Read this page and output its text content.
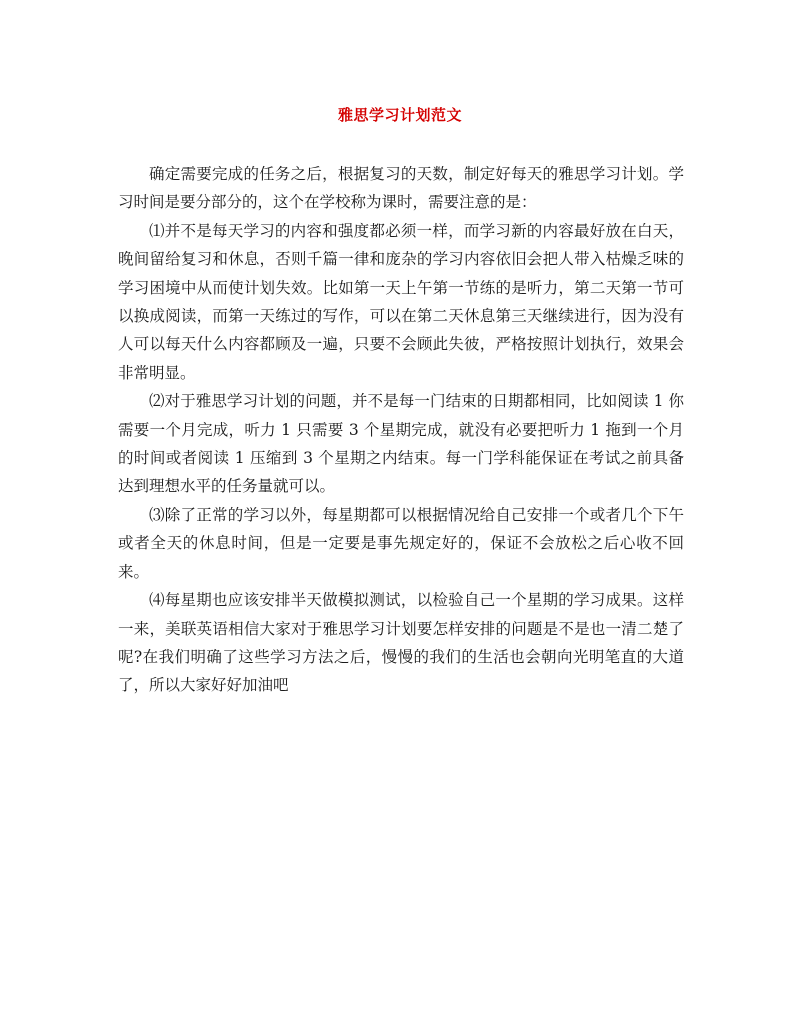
雅思学习计划范文

确定需要完成的任务之后，根据复习的天数，制定好每天的雅思学习计划。学习时间是要分部分的，这个在学校称为课时，需要注意的是：

⑴并不是每天学习的内容和强度都必须一样，而学习新的内容最好放在白天，晚间留给复习和休息，否则千篇一律和庞杂的学习内容依旧会把人带入枯燥乏味的学习困境中从而使计划失效。比如第一天上午第一节练的是听力，第二天第一节可以换成阅读，而第一天练过的写作，可以在第二天休息第三天继续进行，因为没有人可以每天什么内容都顾及一遍，只要不会顾此失彼，严格按照计划执行，效果会非常明显。

⑵对于雅思学习计划的问题，并不是每一门结束的日期都相同，比如阅读 1 你需要一个月完成，听力 1 只需要 3 个星期完成，就没有必要把听力 1 拖到一个月的时间或者阅读 1 压缩到 3 个星期之内结束。每一门学科能保证在考试之前具备达到理想水平的任务量就可以。

⑶除了正常的学习以外，每星期都可以根据情况给自己安排一个或者几个下午或者全天的休息时间，但是一定要是事先规定好的，保证不会放松之后心收不回来。

⑷每星期也应该安排半天做模拟测试，以检验自己一个星期的学习成果。这样一来，美联英语相信大家对于雅思学习计划要怎样安排的问题是不是也一清二楚了呢?在我们明确了这些学习方法之后，慢慢的我们的生活也会朝向光明笔直的大道了，所以大家好好加油吧
